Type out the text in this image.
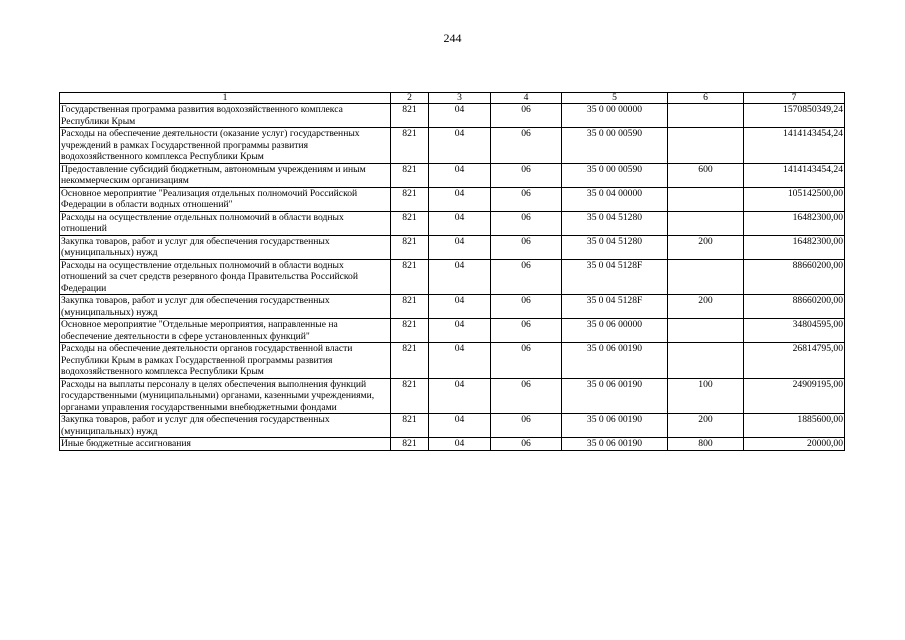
244
1	2	3	4	5	6	7
Государственная программа развития водохозяйственного комплекса Республики Крым	821	04	06	35 0 00 00000		1570850349,24
Расходы на обеспечение деятельности (оказание услуг) государственных учреждений в рамках Государственной программы развития водохозяйственного комплекса Республики Крым	821	04	06	35 0 00 00590		1414143454,24
Предоставление субсидий бюджетным, автономным учреждениям и иным некоммерческим организациям	821	04	06	35 0 00 00590	600	1414143454,24
Основное мероприятие "Реализация отдельных полномочий Российской Федерации в области водных отношений"	821	04	06	35 0 04 00000		105142500,00
Расходы на осуществление отдельных полномочий в области водных отношений	821	04	06	35 0 04 51280		16482300,00
Закупка товаров, работ и услуг для обеспечения государственных (муниципальных) нужд	821	04	06	35 0 04 51280	200	16482300,00
Расходы на осуществление отдельных полномочий в области водных отношений за счет средств резервного фонда Правительства Российской Федерации	821	04	06	35 0 04 5128F		88660200,00
Закупка товаров, работ и услуг для обеспечения государственных (муниципальных) нужд	821	04	06	35 0 04 5128F	200	88660200,00
Основное мероприятие "Отдельные мероприятия, направленные на обеспечение деятельности в сфере установленных функций"	821	04	06	35 0 06 00000		34804595,00
Расходы на обеспечение деятельности органов государственной власти Республики Крым в рамках Государственной программы развития водохозяйственного комплекса Республики Крым	821	04	06	35 0 06 00190		26814795,00
Расходы на выплаты персоналу в целях обеспечения выполнения функций государственными (муниципальными) органами, казенными учреждениями, органами управления государственными внебюджетными фондами	821	04	06	35 0 06 00190	100	24909195,00
Закупка товаров, работ и услуг для обеспечения государственных (муниципальных) нужд	821	04	06	35 0 06 00190	200	1885600,00
Иные бюджетные ассигнования	821	04	06	35 0 06 00190	800	20000,00
